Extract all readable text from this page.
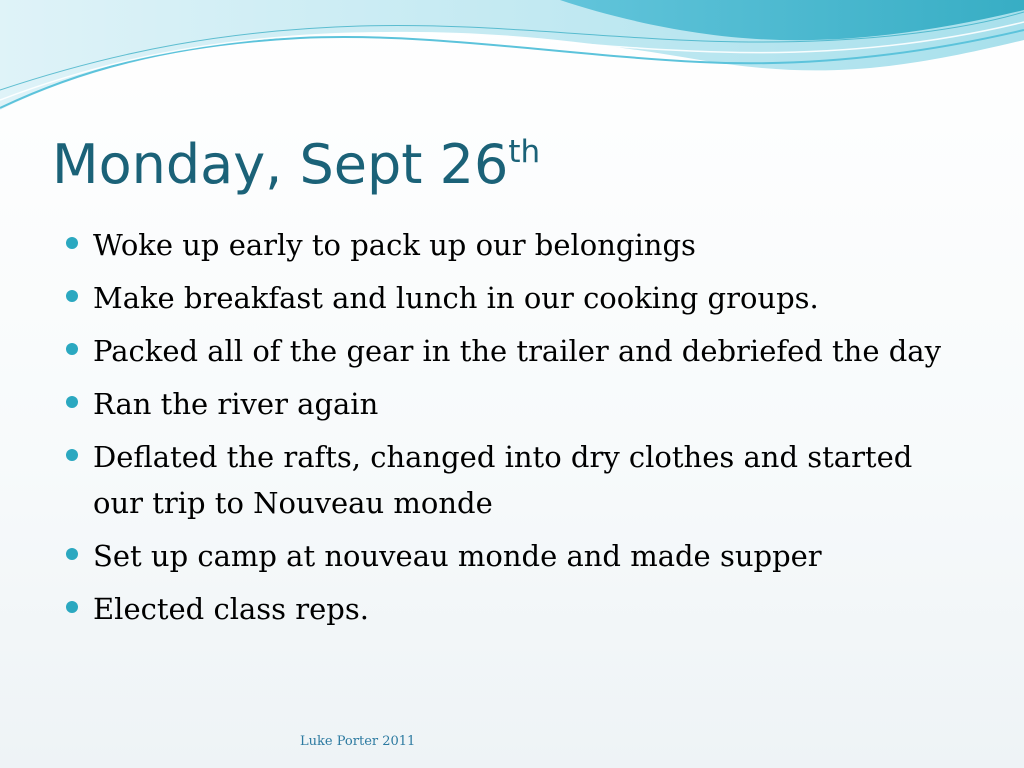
Monday, Sept 26th
Woke up early to pack up our belongings
Make breakfast and lunch in our cooking groups.
Packed all of the gear in the trailer and debriefed the day
Ran the river again
Deflated the rafts, changed into dry clothes and started our trip to Nouveau monde
Set up camp at nouveau monde and made supper
Elected class reps.
Luke Porter 2011
